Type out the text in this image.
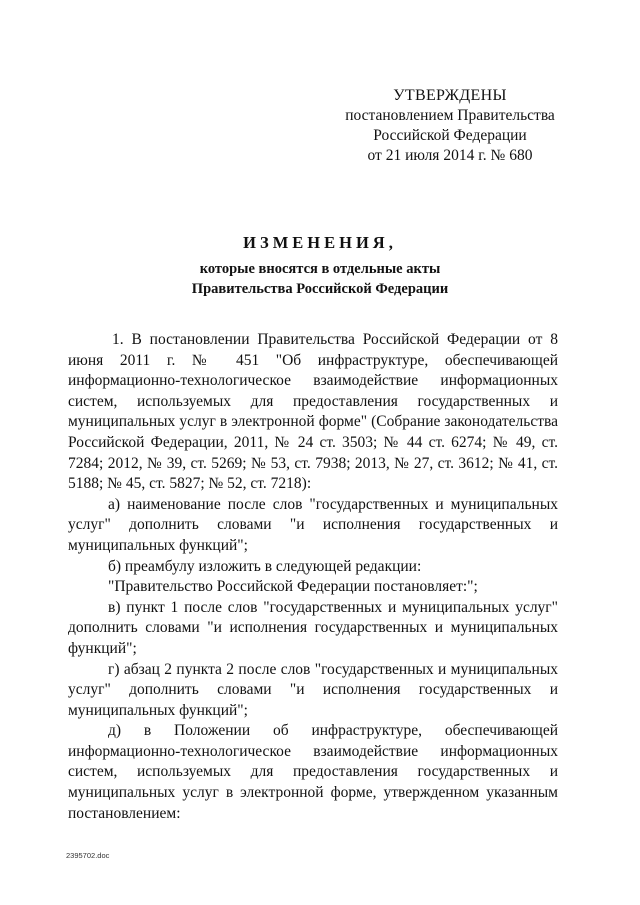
УТВЕРЖДЕНЫ
постановлением Правительства
Российской Федерации
от 21 июля 2014 г. № 680
ИЗМЕНЕНИЯ,
которые вносятся в отдельные акты
Правительства Российской Федерации

1. В постановлении Правительства Российской Федерации от 8 июня 2011 г. № 451 "Об инфраструктуре, обеспечивающей информационно-технологическое взаимодействие информационных систем, используемых для предоставления государственных и муниципальных услуг в электронной форме" (Собрание законодательства Российской Федерации, 2011, № 24 ст. 3503; № 44 ст. 6274; № 49, ст. 7284; 2012, № 39, ст. 5269; № 53, ст. 7938; 2013, № 27, ст. 3612; № 41, ст. 5188; № 45, ст. 5827; № 52, ст. 7218):

а) наименование после слов "государственных и муниципальных услуг" дополнить словами "и исполнения государственных и муниципальных функций";

б) преамбулу изложить в следующей редакции:

"Правительство Российской Федерации постановляет:";

в) пункт 1 после слов "государственных и муниципальных услуг" дополнить словами "и исполнения государственных и муниципальных функций";

г) абзац 2 пункта 2 после слов "государственных и муниципальных услуг" дополнить словами "и исполнения государственных и муниципальных функций";

д) в Положении об инфраструктуре, обеспечивающей информационно-технологическое взаимодействие информационных систем, используемых для предоставления государственных и муниципальных услуг в электронной форме, утвержденном указанным постановлением:

2395702.doc
